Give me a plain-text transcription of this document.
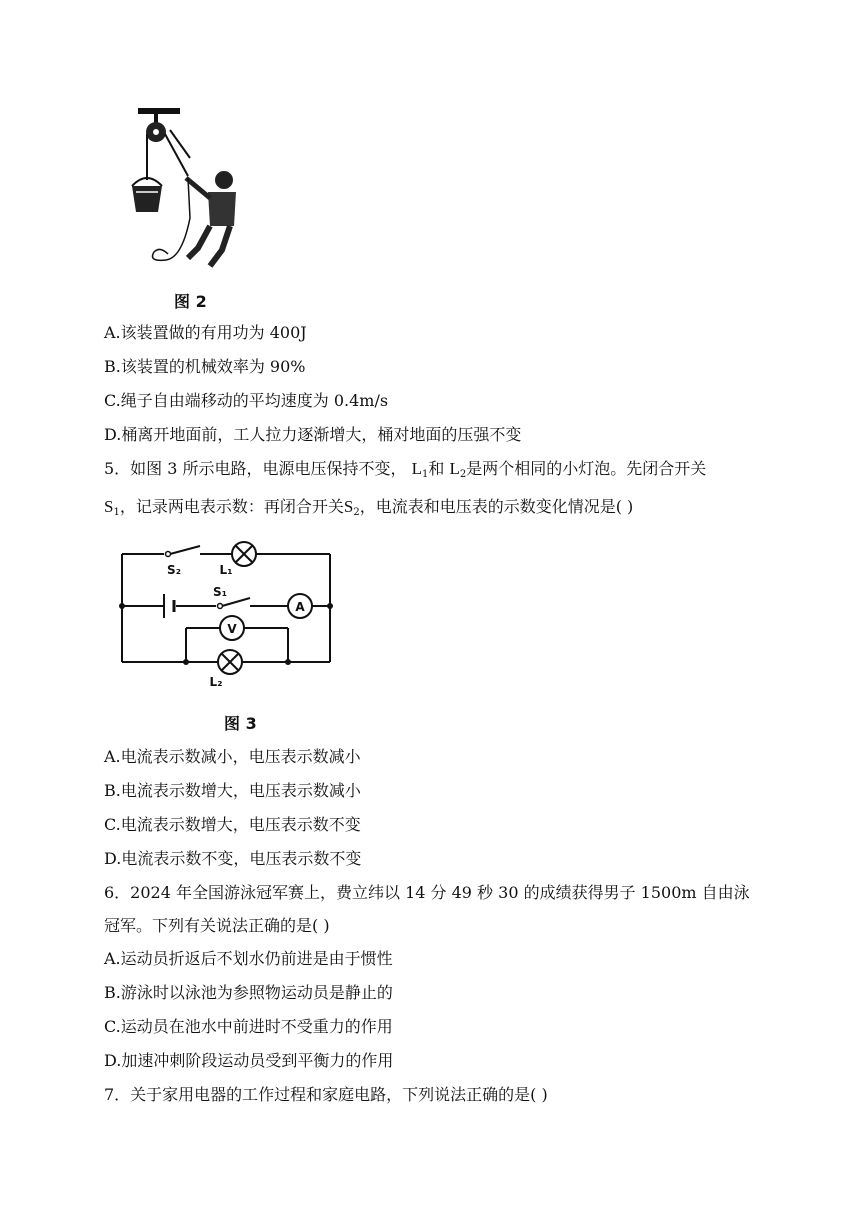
图 2
A.该装置做的有用功为 400J
B.该装置的机械效率为 90%
C.绳子自由端移动的平均速度为 0.4m/s
D.桶离开地面前，工人拉力逐渐增大，桶对地面的压强不变
5．如图 3 所示电路，电源电压保持不变， $L_1$和 $L_2$是两个相同的小灯泡。先闭合开关
$S_1$，记录两电表示数：再闭合开关$S_2$，电流表和电压表的示数变化情况是( )
S₂	L₁
S₁
A
V
L₂
图 3
A.电流表示数减小，电压表示数减小
B.电流表示数增大，电压表示数减小
C.电流表示数增大，电压表示数不变
D.电流表示数不变，电压表示数不变
6．2024 年全国游泳冠军赛上，费立纬以 14 分 49 秒 30 的成绩获得男子 1500m 自由泳
冠军。下列有关说法正确的是( )
A.运动员折返后不划水仍前进是由于惯性
B.游泳时以泳池为参照物运动员是静止的
C.运动员在池水中前进时不受重力的作用
D.加速冲刺阶段运动员受到平衡力的作用
7．关于家用电器的工作过程和家庭电路，下列说法正确的是( )
